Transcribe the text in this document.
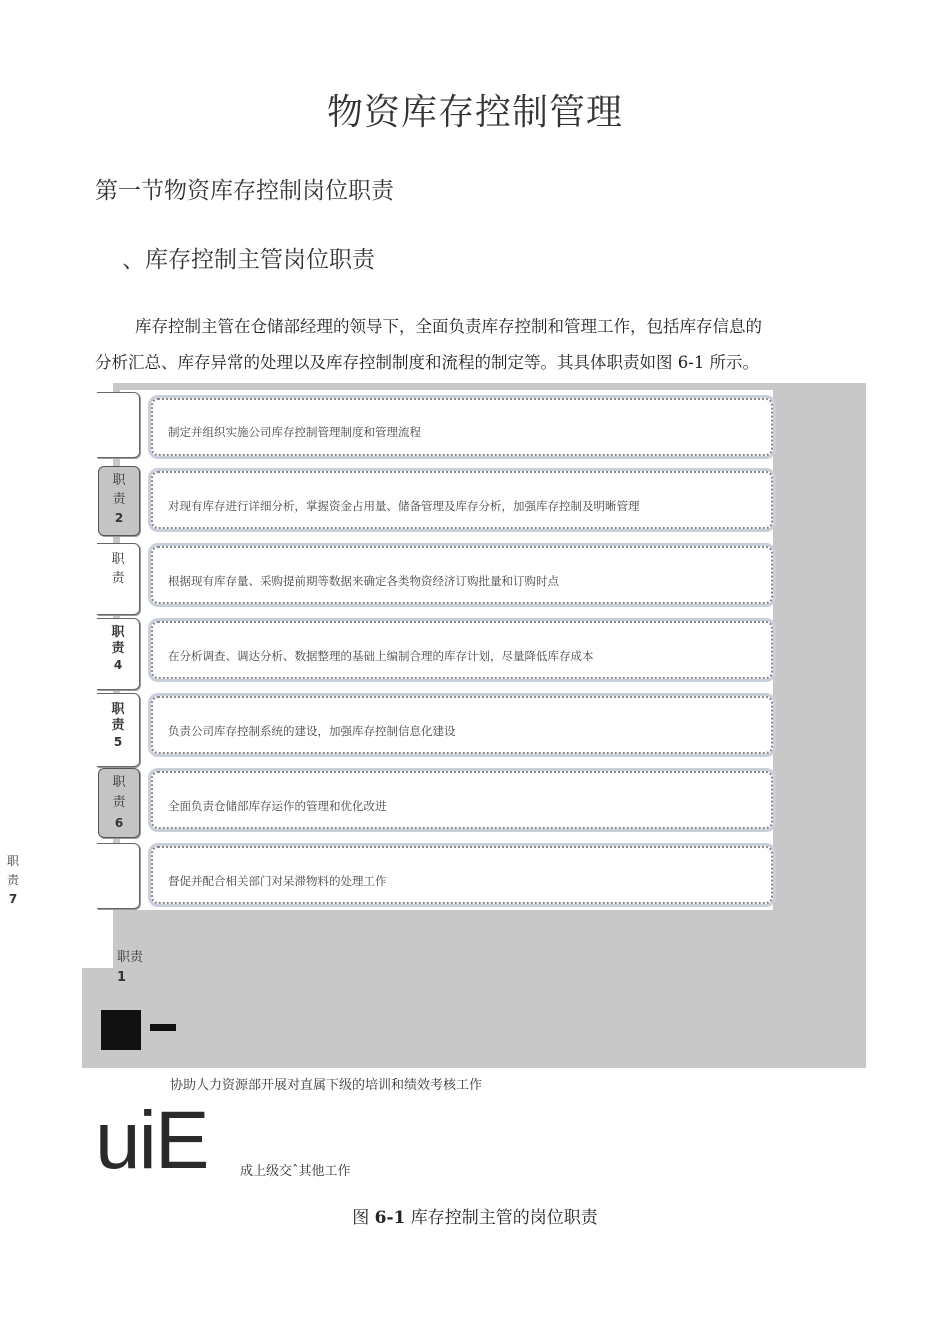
物资库存控制管理
第一节物资库存控制岗位职责
、库存控制主管岗位职责
库存控制主管在仓储部经理的领导下，全面负责库存控制和管理工作，包括库存信息的
分析汇总、库存异常的处理以及库存控制制度和流程的制定等。其具体职责如图 6-1 所示。
制定并组织实施公司库存控制管理制度和管理流程
职责
2
对现有库存进行详细分析，掌握资金占用量、储备管理及库存分析，加强库存控制及明晰管理
职责	根据现有库存量、采购提前期等数据来确定各类物资经济订购批量和订购时点
职责
4
在分析调查、调达分析、数据整理的基础上编制合理的库存计划，尽量降低库存成本
职责
5
负责公司库存控制系统的建设，加强库存控制信息化建设
职责
6
全面负责仓储部库存运作的管理和优化改进
督促并配合相关部门对呆滞物料的处理工作
职责
7
职责
1
协助人力资源部开展对直属下级的培训和绩效考核工作
uiE 成上级交ˆ其他工作
图 6-1 库存控制主管的岗位职责
